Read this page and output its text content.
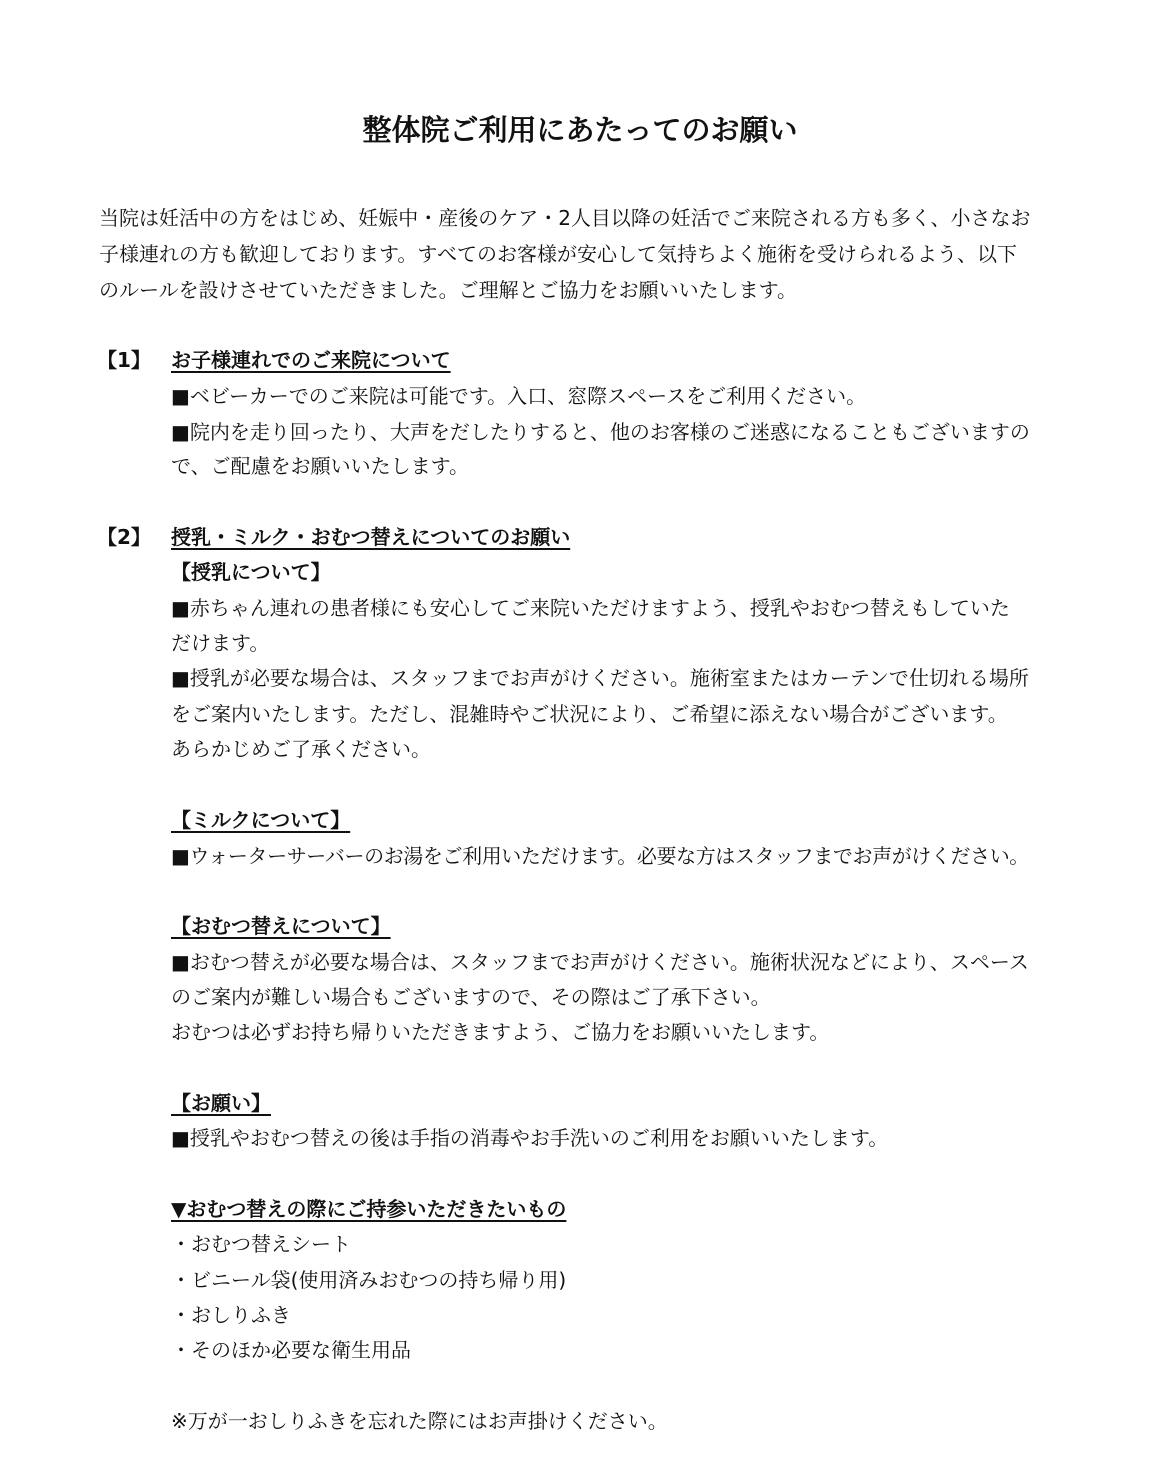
整体院ご利用にあたってのお願い
当院は妊活中の方をはじめ、妊娠中・産後のケア・2人目以降の妊活でご来院される方も多く、小さなお
子様連れの方も歓迎しております。すべてのお客様が安心して気持ちよく施術を受けられるよう、以下
のルールを設けさせていただきました。ご理解とご協力をお願いいたします。
【1】 お子様連れでのご来院について
■ベビーカーでのご来院は可能です。入口、窓際スペースをご利用ください。
■院内を走り回ったり、大声をだしたりすると、他のお客様のご迷惑になることもございますの
で、ご配慮をお願いいたします。
【2】 授乳・ミルク・おむつ替えについてのお願い
【授乳について】
■赤ちゃん連れの患者様にも安心してご来院いただけますよう、授乳やおむつ替えもしていた
だけます。
■授乳が必要な場合は、スタッフまでお声がけください。施術室またはカーテンで仕切れる場所
をご案内いたします。ただし、混雑時やご状況により、ご希望に添えない場合がございます。
あらかじめご了承ください。
【ミルクについて】
■ウォーターサーバーのお湯をご利用いただけます。必要な方はスタッフまでお声がけください。
【おむつ替えについて】
■おむつ替えが必要な場合は、スタッフまでお声がけください。施術状況などにより、スペース
のご案内が難しい場合もございますので、その際はご了承下さい。
おむつは必ずお持ち帰りいただきますよう、ご協力をお願いいたします。
【お願い】
■授乳やおむつ替えの後は手指の消毒やお手洗いのご利用をお願いいたします。
▼おむつ替えの際にご持参いただきたいもの
・おむつ替えシート
・ビニール袋(使用済みおむつの持ち帰り用)
・おしりふき
・そのほか必要な衛生用品
※万が一おしりふきを忘れた際にはお声掛けください。
